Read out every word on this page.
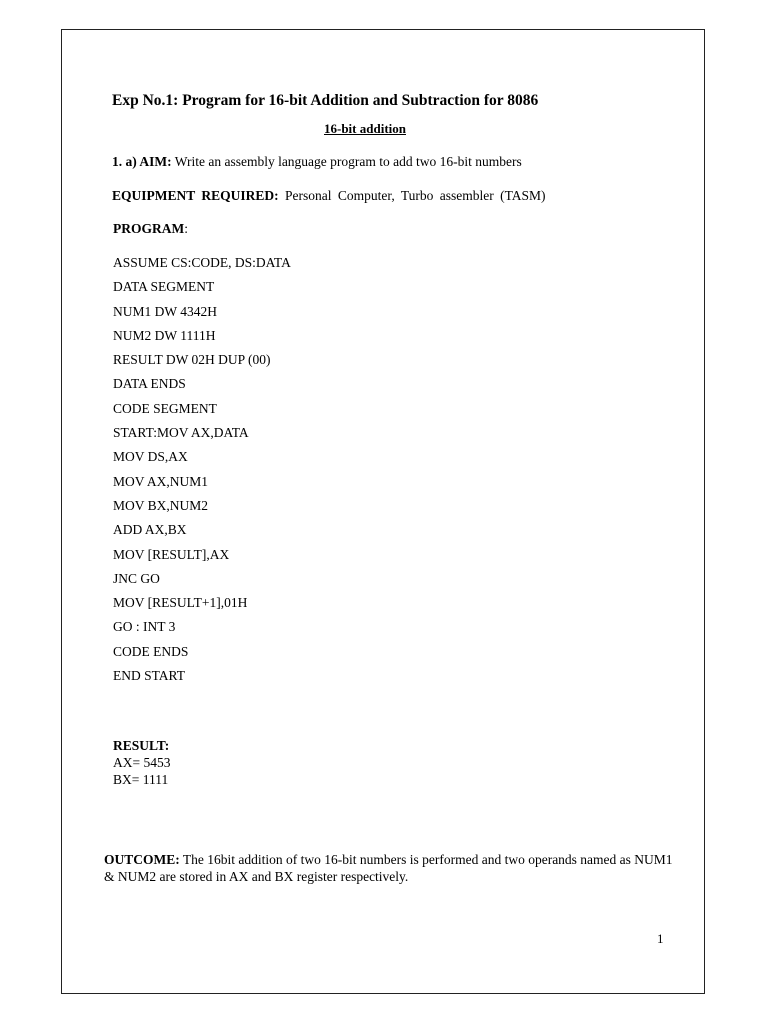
Exp No.1: Program for 16-bit Addition and Subtraction for 8086
16-bit addition
1. a) AIM: Write an assembly language program to add two 16-bit numbers
EQUIPMENT REQUIRED: Personal Computer, Turbo assembler (TASM)
PROGRAM:
ASSUME CS:CODE, DS:DATA
DATA SEGMENT
NUM1 DW 4342H
NUM2 DW 1111H
RESULT DW 02H DUP (00)
DATA ENDS
CODE SEGMENT
START:MOV AX,DATA
MOV DS,AX
MOV AX,NUM1
MOV BX,NUM2
ADD AX,BX
MOV [RESULT],AX
JNC GO
MOV [RESULT+1],01H
GO : INT 3
CODE ENDS
END START
RESULT:
AX= 5453
BX= 1111
OUTCOME: The 16bit addition of two 16-bit numbers is performed and two operands named as NUM1 & NUM2 are stored in AX and BX register respectively.
1
